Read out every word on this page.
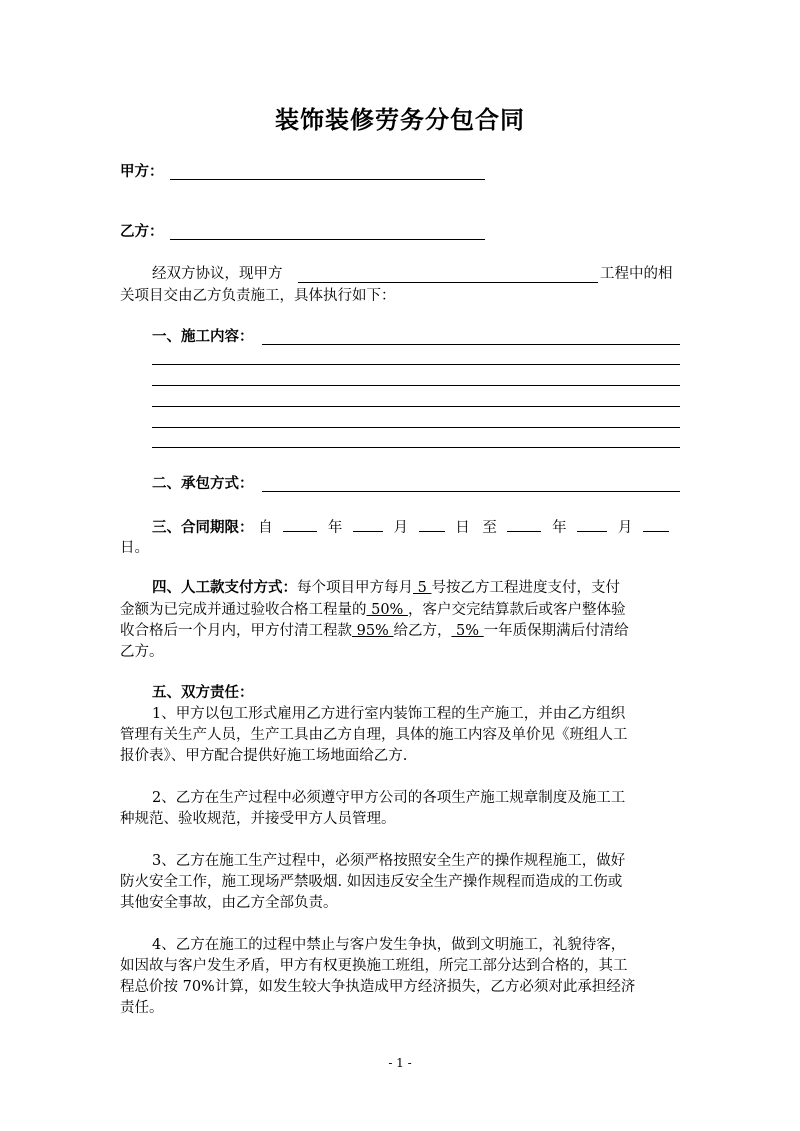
装饰装修劳务分包合同
甲方：
乙方：
经双方协议，现甲方	工程中的相
关项目交由乙方负责施工，具体执行如下：
一、施工内容：
二、承包方式：
三、合同期限： 自	年	月	日 至	年	月
日。
四、人工款支付方式：每个项目甲方每月 5 号按乙方工程进度支付，支付
金额为已完成并通过验收合格工程量的 50% ，客户交完结算款后或客户整体验
收合格后一个月内，甲方付清工程款 95% 给乙方， 5% 一年质保期满后付清给
乙方。
五、双方责任：
1、甲方以包工形式雇用乙方进行室内装饰工程的生产施工，并由乙方组织
管理有关生产人员，生产工具由乙方自理，具体的施工内容及单价见《班组人工
报价表》、甲方配合提供好施工场地面给乙方.
2、乙方在生产过程中必须遵守甲方公司的各项生产施工规章制度及施工工
种规范、验收规范，并接受甲方人员管理。
3、乙方在施工生产过程中，必须严格按照安全生产的操作规程施工，做好
防火安全工作，施工现场严禁吸烟. 如因违反安全生产操作规程而造成的工伤或
其他安全事故，由乙方全部负责。
4、乙方在施工的过程中禁止与客户发生争执，做到文明施工，礼貌待客，
如因故与客户发生矛盾，甲方有权更换施工班组，所完工部分达到合格的，其工
程总价按 70%计算，如发生较大争执造成甲方经济损失，乙方必须对此承担经济
责任。
- 1 -
